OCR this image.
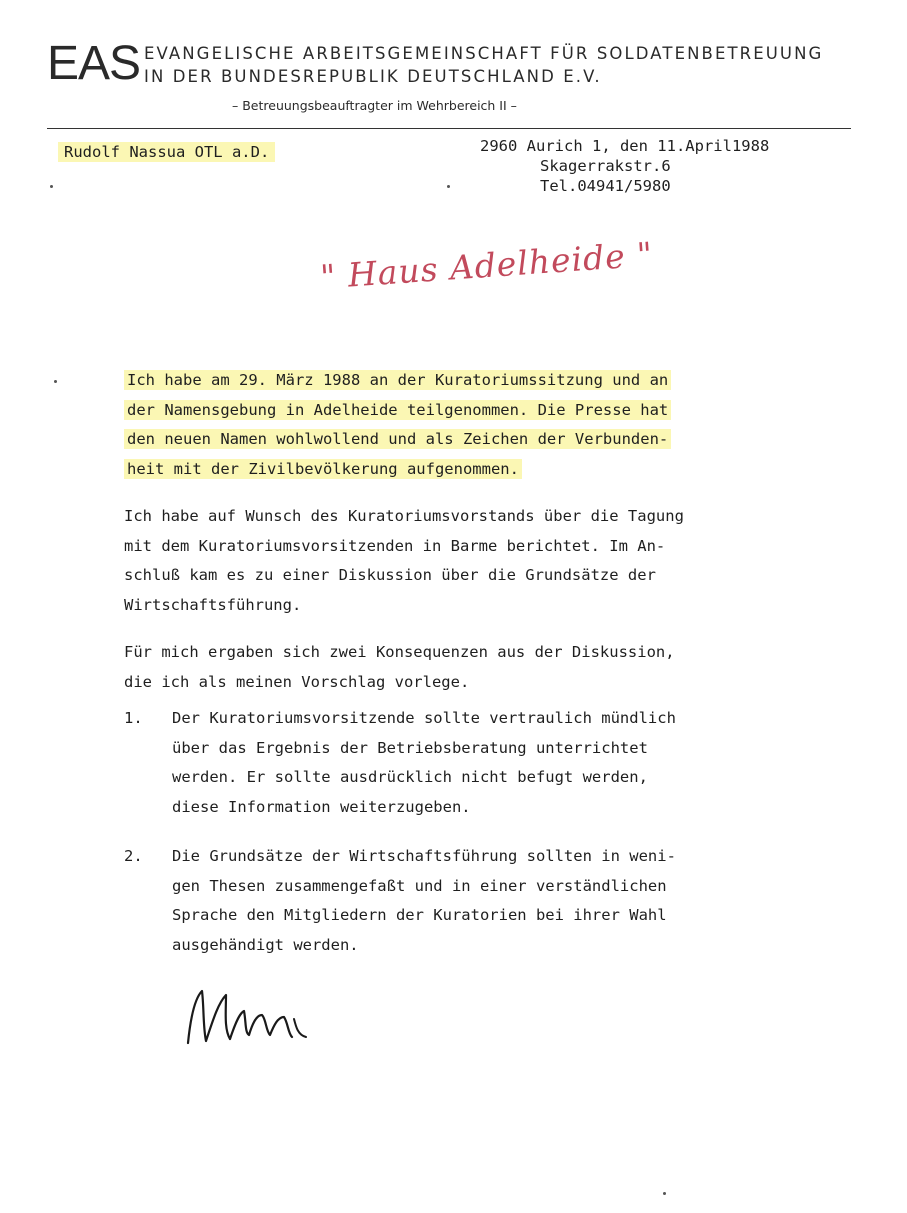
EAS EVANGELISCHE ARBEITSGEMEINSCHAFT FÜR SOLDATENBETREUUNG
IN DER BUNDESREPUBLIK DEUTSCHLAND E.V.
– Betreuungsbeauftragter im Wehrbereich II –
Rudolf Nassua OTL a.D.	2960 Aurich 1, den 11.April1988
Skagerrakstr.6
Tel.04941/5980
" Haus Adelheide "
Ich habe am 29. März 1988 an der Kuratoriumssitzung und an
der Namensgebung in Adelheide teilgenommen. Die Presse hat
den neuen Namen wohlwollend und als Zeichen der Verbunden-
heit mit der Zivilbevölkerung aufgenommen.
Ich habe auf Wunsch des Kuratoriumsvorstands über die Tagung
mit dem Kuratoriumsvorsitzenden in Barme berichtet. Im An-
schluß kam es zu einer Diskussion über die Grundsätze der
Wirtschaftsführung.
Für mich ergaben sich zwei Konsequenzen aus der Diskussion,
die ich als meinen Vorschlag vorlege.
1. Der Kuratoriumsvorsitzende sollte vertraulich mündlich
über das Ergebnis der Betriebsberatung unterrichtet
werden. Er sollte ausdrücklich nicht befugt werden,
diese Information weiterzugeben.
2. Die Grundsätze der Wirtschaftsführung sollten in weni-
gen Thesen zusammengefaßt und in einer verständlichen
Sprache den Mitgliedern der Kuratorien bei ihrer Wahl
ausgehändigt werden.
